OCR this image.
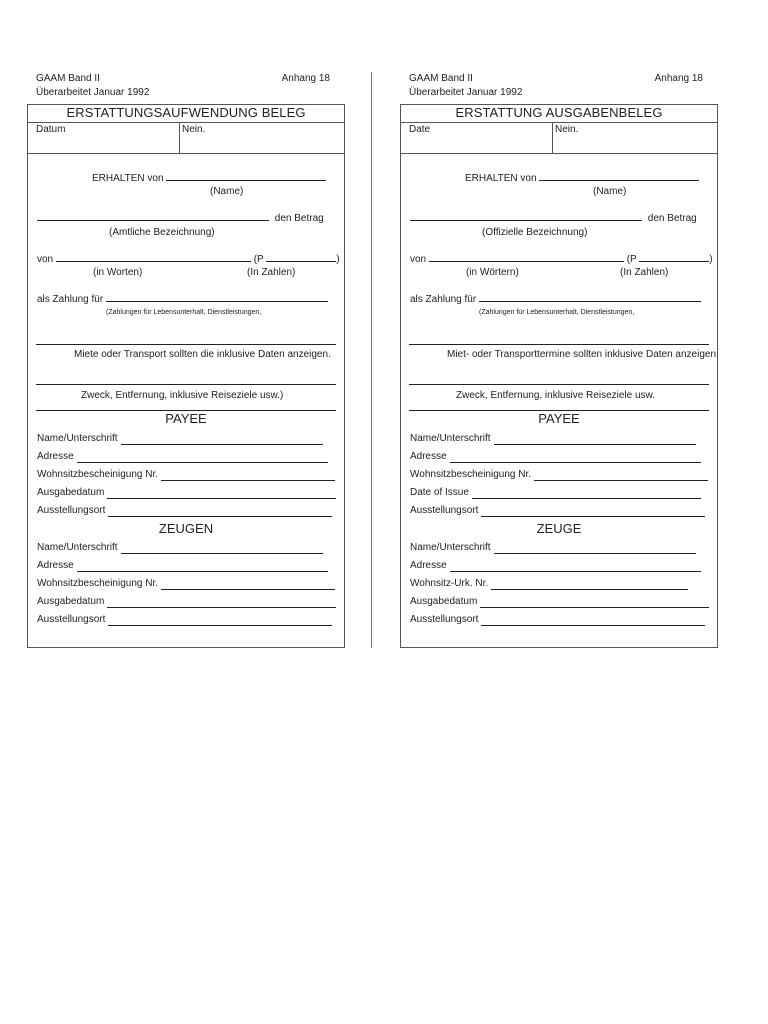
GAAM Band II	Anhang 18
Überarbeitet Januar 1992
ERSTATTUNGSAUFWENDUNG BELEG
Datum	Nein.
ERHALTEN von
(Name)
den Betrag
(Amtliche Bezeichnung)
von	(P	)
(in Worten)	(In Zahlen)
als Zahlung für
(Zahlungen für Lebensunterhalt, Dienstleistungen,
Miete oder Transport sollten die inklusive Daten anzeigen.
Zweck, Entfernung, inklusive Reiseziele usw.)
PAYEE
Name/Unterschrift
Adresse
Wohnsitzbescheinigung Nr.
Ausgabedatum
Ausstellungsort
ZEUGEN
Name/Unterschrift
Adresse
Wohnsitzbescheinigung Nr.
Ausgabedatum
Ausstellungsort
GAAM Band II	Anhang 18
Überarbeitet Januar 1992
ERSTATTUNG AUSGABENBELEG
Date	Nein.
ERHALTEN von
(Name)
den Betrag
(Offizielle Bezeichnung)
von	(P	)
(in Wörtern)	(In Zahlen)
als Zahlung für
(Zahlungen für Lebensunterhalt, Dienstleistungen,
Miet- oder Transporttermine sollten inklusive Daten anzeigen.
Zweck, Entfernung, inklusive Reiseziele usw.
PAYEE
Name/Unterschrift
Adresse
Wohnsitzbescheinigung Nr.
Date of Issue
Ausstellungsort
ZEUGE
Name/Unterschrift
Adresse
Wohnsitz-Urk. Nr.
Ausgabedatum
Ausstellungsort
